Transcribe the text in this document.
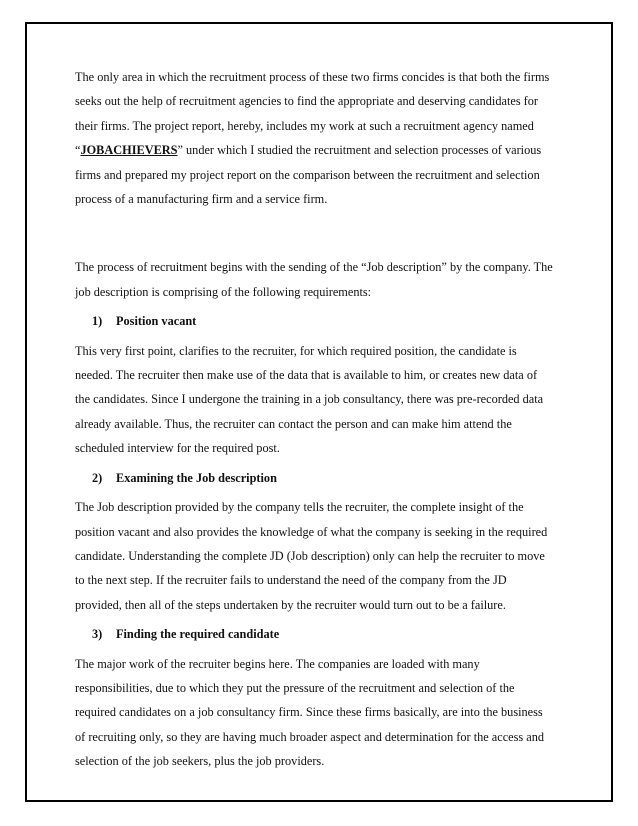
The only area in which the recruitment process of these two firms concides is that both the firms
seeks out the help of recruitment agencies to find the appropriate and deserving candidates for
their firms. The project report, hereby, includes my work at such a recruitment agency named
“JOBACHIEVERS” under which I studied the recruitment and selection processes of various
firms and prepared my project report on the comparison between the recruitment and selection
process of a manufacturing firm and a service firm.
The process of recruitment begins with the sending of the “Job description” by the company. The
job description is comprising of the following requirements:
1) Position vacant
This very first point, clarifies to the recruiter, for which required position, the candidate is
needed. The recruiter then make use of the data that is available to him, or creates new data of
the candidates. Since I undergone the training in a job consultancy, there was pre-recorded data
already available. Thus, the recruiter can contact the person and can make him attend the
scheduled interview for the required post.
2) Examining the Job description
The Job description provided by the company tells the recruiter, the complete insight of the
position vacant and also provides the knowledge of what the company is seeking in the required
candidate. Understanding the complete JD (Job description) only can help the recruiter to move
to the next step. If the recruiter fails to understand the need of the company from the JD
provided, then all of the steps undertaken by the recruiter would turn out to be a failure.
3) Finding the required candidate
The major work of the recruiter begins here. The companies are loaded with many
responsibilities, due to which they put the pressure of the recruitment and selection of the
required candidates on a job consultancy firm. Since these firms basically, are into the business
of recruiting only, so they are having much broader aspect and determination for the access and
selection of the job seekers, plus the job providers.
